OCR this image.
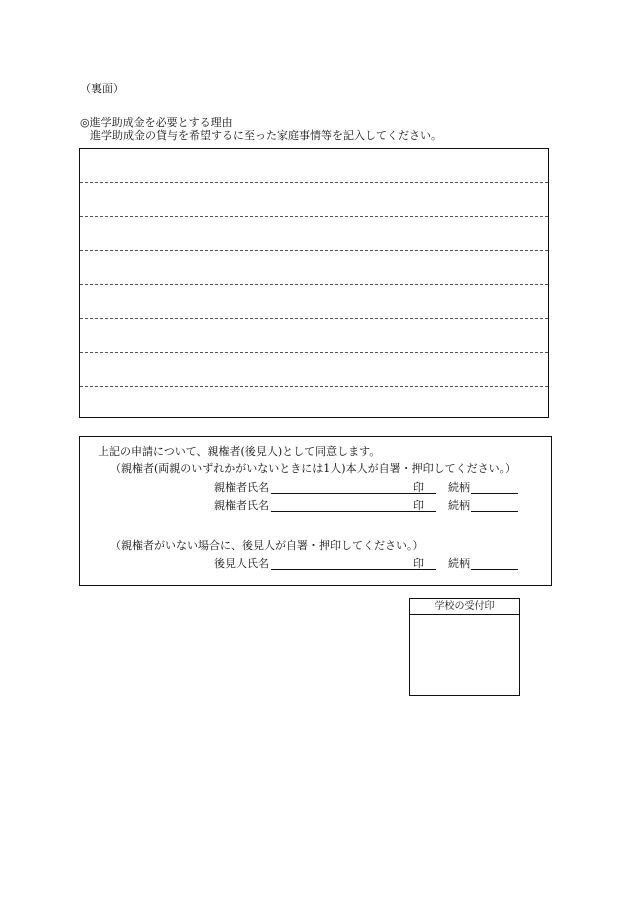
（裏面）
◎進学助成金を必要とする理由
進学助成金の貸与を希望するに至った家庭事情等を記入してください。
上記の申請について、親権者(後見人)として同意します。
（親権者(両親のいずれかがいないときには1人)本人が自署・押印してください。）
親権者氏名	印 続柄
親権者氏名	印 続柄
（親権者がいない場合に、後見人が自署・押印してください。）
後見人氏名	印 続柄
学校の受付印
